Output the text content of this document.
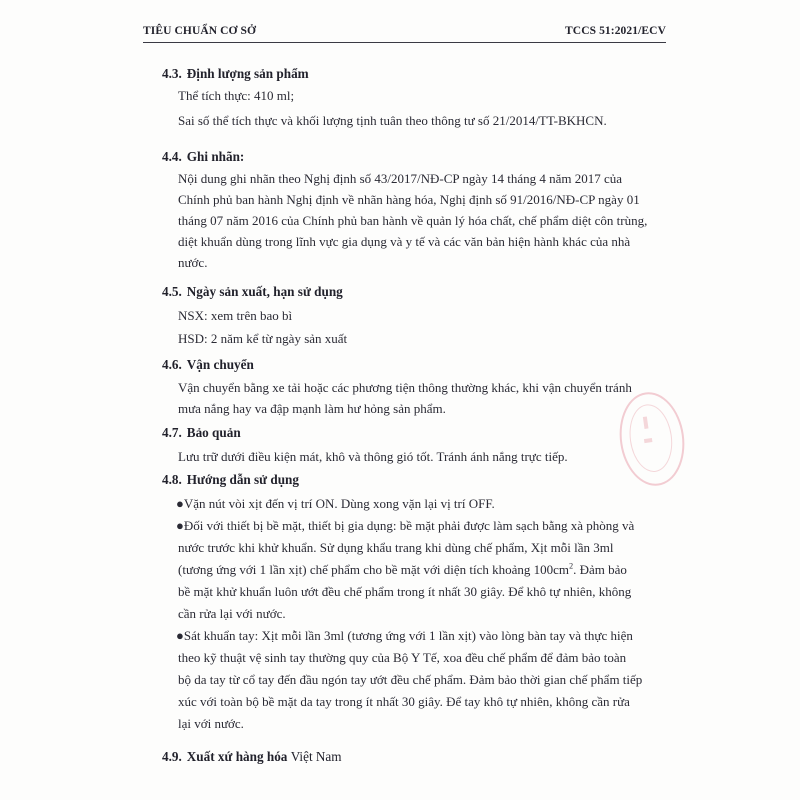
TIÊU CHUẨN CƠ SỞ	TCCS 51:2021/ECV
4.3. Định lượng sản phẩm
Thể tích thực: 410 ml;
Sai số thể tích thực và khối lượng tịnh tuân theo thông tư số 21/2014/TT-BKHCN.
4.4. Ghi nhãn:
Nội dung ghi nhãn theo Nghị định số 43/2017/NĐ-CP ngày 14 tháng 4 năm 2017 của
Chính phủ ban hành Nghị định về nhãn hàng hóa, Nghị định số 91/2016/NĐ-CP ngày 01
tháng 07 năm 2016 của Chính phủ ban hành về quản lý hóa chất, chế phẩm diệt côn trùng,
diệt khuẩn dùng trong lĩnh vực gia dụng và y tế và các văn bản hiện hành khác của nhà
nước.
4.5. Ngày sản xuất, hạn sử dụng
NSX: xem trên bao bì
HSD: 2 năm kể từ ngày sản xuất
4.6. Vận chuyển
Vận chuyển bằng xe tải hoặc các phương tiện thông thường khác, khi vận chuyển tránh
mưa nắng hay va đập mạnh làm hư hỏng sản phẩm.
4.7. Bảo quản
Lưu trữ dưới điều kiện mát, khô và thông gió tốt. Tránh ánh nắng trực tiếp.
4.8. Hướng dẫn sử dụng
●Vặn nút vòi xịt đến vị trí ON. Dùng xong vặn lại vị trí OFF.
●Đối với thiết bị bề mặt, thiết bị gia dụng: bề mặt phải được làm sạch bằng xà phòng và
nước trước khi khử khuẩn. Sử dụng khẩu trang khi dùng chế phẩm, Xịt mỗi lần 3ml
(tương ứng với 1 lần xịt) chế phẩm cho bề mặt với diện tích khoảng $100cm^2$. Đảm bảo
bề mặt khử khuẩn luôn ướt đều chế phẩm trong ít nhất 30 giây. Để khô tự nhiên, không
cần rửa lại với nước.
●Sát khuẩn tay: Xịt mỗi lần 3ml (tương ứng với 1 lần xịt) vào lòng bàn tay và thực hiện
theo kỹ thuật vệ sinh tay thường quy của Bộ Y Tế, xoa đều chế phẩm để đảm bảo toàn
bộ da tay từ cổ tay đến đầu ngón tay ướt đều chế phẩm. Đảm bảo thời gian chế phẩm tiếp
xúc với toàn bộ bề mặt da tay trong ít nhất 30 giây. Để tay khô tự nhiên, không cần rửa
lại với nước.
4.9. Xuất xứ hàng hóa Việt Nam
